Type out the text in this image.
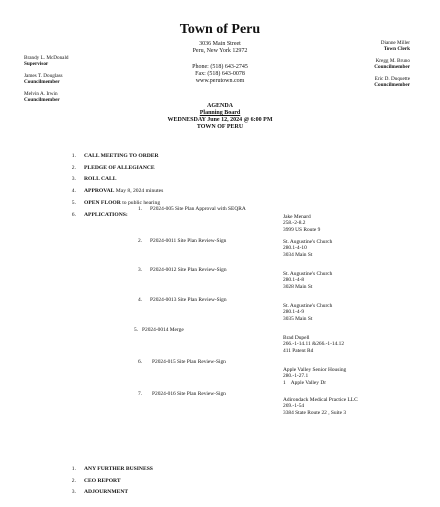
Town of Peru
3036 Main Street
Peru, New York 12972
Phone: (518) 643-2745
Fax: (518) 643-0078
www.perutown.com
Brandy L. McDonald
Supervisor
James T. Douglass
Councilmember
Melvin A. Irwin
Councilmember
Dianne Miller
Town Clerk
Kregg M. Bruno
Councilmember
Eric D. Duquette
Councilmember
AGENDA
Planning Board
WEDNESDAY June 12, 2024 @ 6:00 PM
TOWN OF PERU
1. CALL MEETING TO ORDER
2. PLEDGE OF ALLEGIANCE
3. ROLL CALL
4. APPROVAL May 8, 2024 minutes
5. OPEN FLOOR to public hearing
6. APPLICATIONS:
1. P2024-005 Site Plan Approval with SEQRA
Jake Menard
258.-2-8.2
3999 US Route 9
2. P2024-0011 Site Plan Review-Sign	St. Augustine's Church
280.1-4-10
3034 Main St
3. P2024-0012 Site Plan Review-Sign
St. Augustine's Church
280.1-4-8
3028 Main St
4. P2024-0013 Site Plan Review-Sign
St. Augustine's Church
280.1-4-9
3035 Main St
5. P2024-0014 Merge
Brad Dupell
266.-1-14.11 &266.-1-14.12
411 Patent Rd
6. P2024-015 Site Plan Review-Sign
Apple Valley Senior Housing
280.-1-27.1
1    Apple Valley Dr
7. P2024-016 Site Plan Review-Sign
Adirondack Medical Practice LLC
269.-1-54
3384 State Route 22 , Suite 3
1. ANY FURTHER BUSINESS
2. CEO REPORT
3. ADJOURNMENT
